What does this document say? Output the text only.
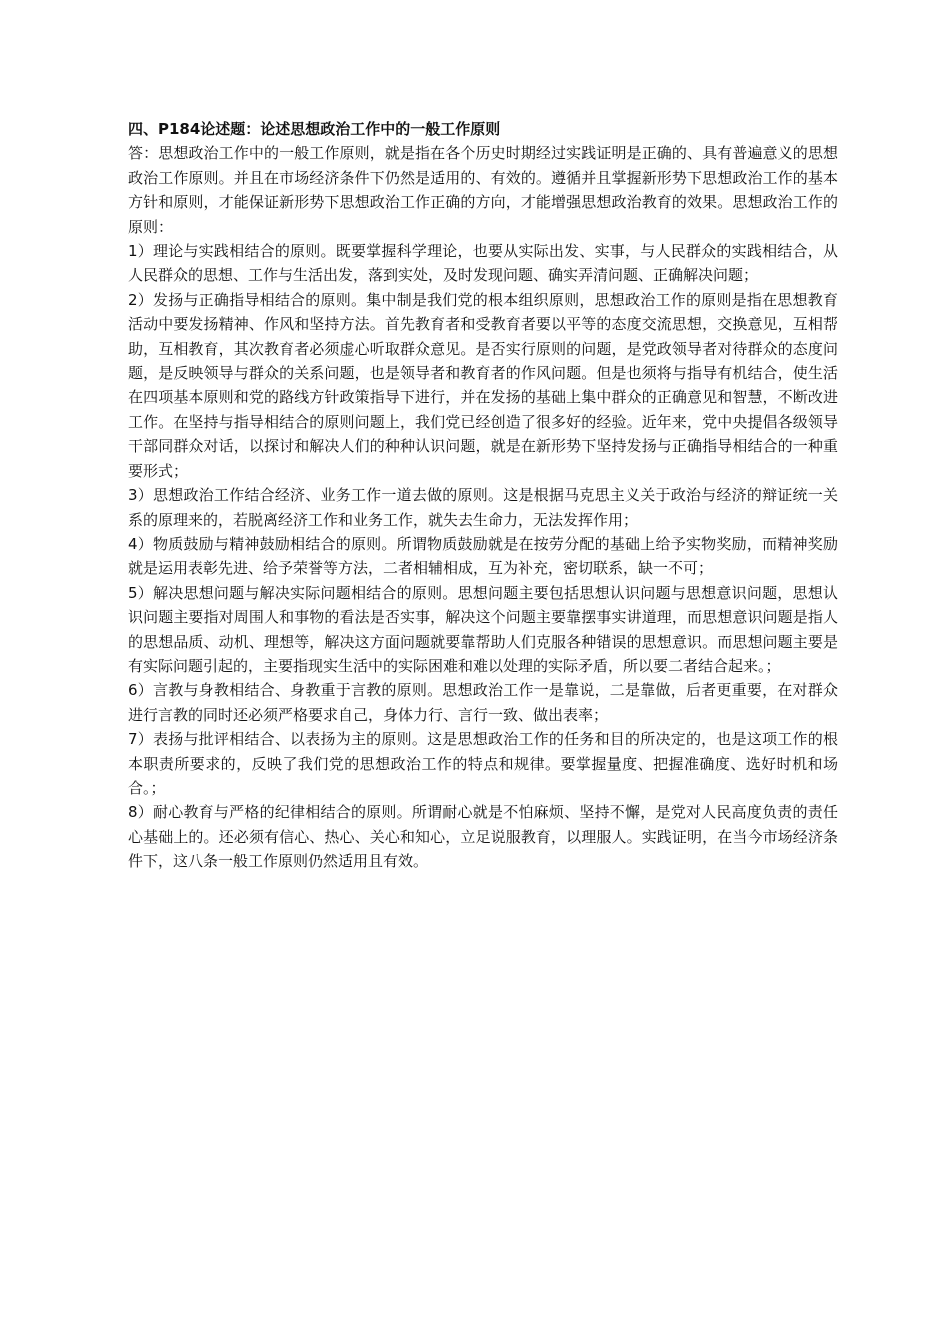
四、P184论述题：论述思想政治工作中的一般工作原则

答：思想政治工作中的一般工作原则，就是指在各个历史时期经过实践证明是正确的、具有普遍意义的思想政治工作原则。并且在市场经济条件下仍然是适用的、有效的。遵循并且掌握新形势下思想政治工作的基本方针和原则，才能保证新形势下思想政治工作正确的方向，才能增强思想政治教育的效果。思想政治工作的原则：

1）理论与实践相结合的原则。既要掌握科学理论，也要从实际出发、实事，与人民群众的实践相结合，从人民群众的思想、工作与生活出发，落到实处，及时发现问题、确实弄清问题、正确解决问题；

2）发扬与正确指导相结合的原则。集中制是我们党的根本组织原则，思想政治工作的原则是指在思想教育活动中要发扬精神、作风和坚持方法。首先教育者和受教育者要以平等的态度交流思想，交换意见，互相帮助，互相教育，其次教育者必须虚心听取群众意见。是否实行原则的问题，是党政领导者对待群众的态度问题，是反映领导与群众的关系问题，也是领导者和教育者的作风问题。但是也须将与指导有机结合，使生活在四项基本原则和党的路线方针政策指导下进行，并在发扬的基础上集中群众的正确意见和智慧，不断改进工作。在坚持与指导相结合的原则问题上，我们党已经创造了很多好的经验。近年来，党中央提倡各级领导干部同群众对话，以探讨和解决人们的种种认识问题，就是在新形势下坚持发扬与正确指导相结合的一种重要形式；

3）思想政治工作结合经济、业务工作一道去做的原则。这是根据马克思主义关于政治与经济的辩证统一关系的原理来的，若脱离经济工作和业务工作，就失去生命力，无法发挥作用；

4）物质鼓励与精神鼓励相结合的原则。所谓物质鼓励就是在按劳分配的基础上给予实物奖励，而精神奖励就是运用表彰先进、给予荣誉等方法，二者相辅相成，互为补充，密切联系，缺一不可；

5）解决思想问题与解决实际问题相结合的原则。思想问题主要包括思想认识问题与思想意识问题，思想认识问题主要指对周围人和事物的看法是否实事，解决这个问题主要靠摆事实讲道理，而思想意识问题是指人的思想品质、动机、理想等，解决这方面问题就要靠帮助人们克服各种错误的思想意识。而思想问题主要是有实际问题引起的，主要指现实生活中的实际困难和难以处理的实际矛盾，所以要二者结合起来。；

6）言教与身教相结合、身教重于言教的原则。思想政治工作一是靠说，二是靠做，后者更重要，在对群众进行言教的同时还必须严格要求自己，身体力行、言行一致、做出表率；

7）表扬与批评相结合、以表扬为主的原则。这是思想政治工作的任务和目的所决定的，也是这项工作的根本职责所要求的，反映了我们党的思想政治工作的特点和规律。要掌握量度、把握准确度、选好时机和场合。；

8）耐心教育与严格的纪律相结合的原则。所谓耐心就是不怕麻烦、坚持不懈，是党对人民高度负责的责任心基础上的。还必须有信心、热心、关心和知心，立足说服教育，以理服人。实践证明，在当今市场经济条件下，这八条一般工作原则仍然适用且有效。
